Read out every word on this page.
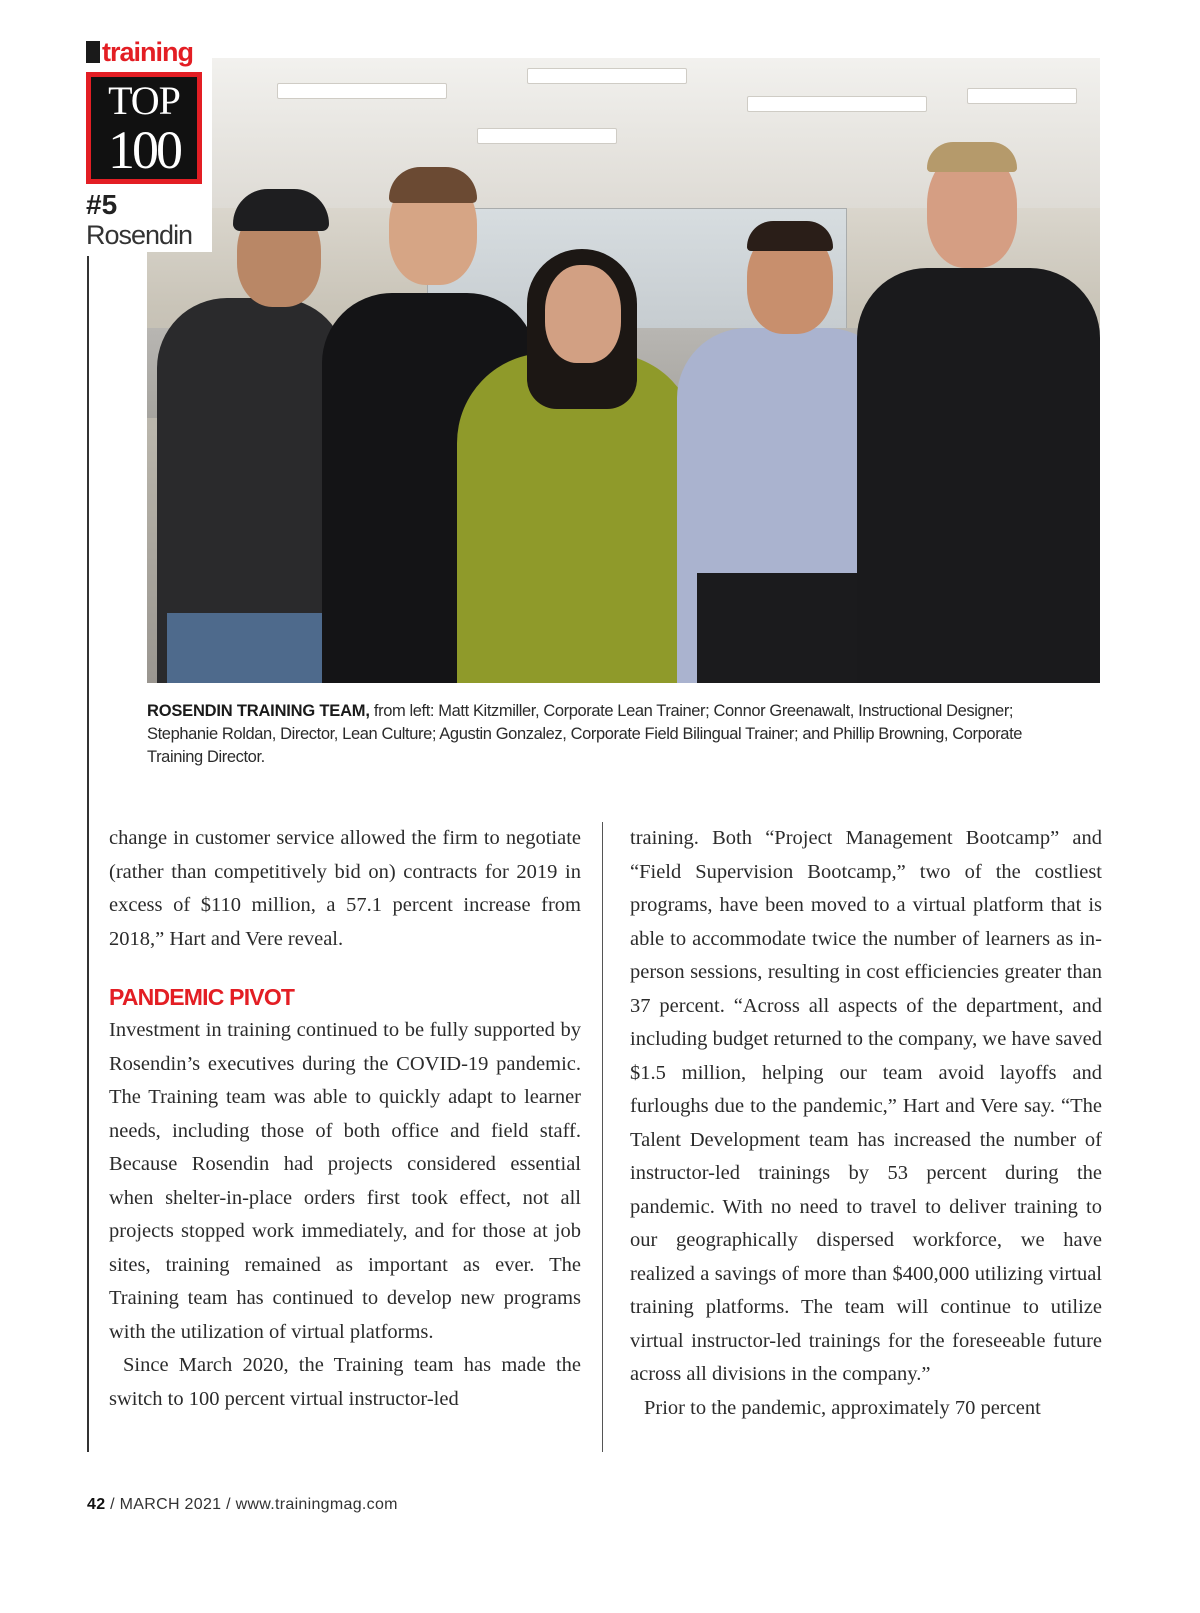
training
TOP
100
#5
Rosendin
ROSENDIN TRAINING TEAM, from left: Matt Kitzmiller, Corporate Lean Trainer; Connor Greenawalt, Instructional Designer; Stephanie Roldan, Director, Lean Culture; Agustin Gonzalez, Corporate Field Bilingual Trainer; and Phillip Browning, Corporate Training Director.

change in customer service allowed the firm to negotiate (rather than competitively bid on) contracts for 2019 in excess of $110 million, a 57.1 percent increase from 2018,” Hart and Vere reveal.

PANDEMIC PIVOT

Investment in training continued to be fully supported by Rosendin’s executives during the COVID-19 pandemic. The Training team was able to quickly adapt to learner needs, including those of both office and field staff. Because Rosendin had projects considered essential when shelter-in-place orders first took effect, not all projects stopped work immediately, and for those at job sites, training remained as important as ever. The Training team has continued to develop new programs with the utilization of virtual platforms.

Since March 2020, the Training team has made the switch to 100 percent virtual instructor-led

training. Both “Project Management Bootcamp” and “Field Supervision Bootcamp,” two of the costliest programs, have been moved to a virtual platform that is able to accommodate twice the number of learners as in-person sessions, resulting in cost efficiencies greater than 37 percent. “Across all aspects of the department, and including budget returned to the company, we have saved $1.5 million, helping our team avoid layoffs and furloughs due to the pandemic,” Hart and Vere say. “The Talent Development team has increased the number of instructor-led trainings by 53 percent during the pandemic. With no need to travel to deliver training to our geographically dispersed workforce, we have realized a savings of more than $400,000 utilizing virtual training platforms. The team will continue to utilize virtual instructor-led trainings for the foreseeable future across all divisions in the company.”

Prior to the pandemic, approximately 70 percent

42 / MARCH 2021 / www.trainingmag.com
